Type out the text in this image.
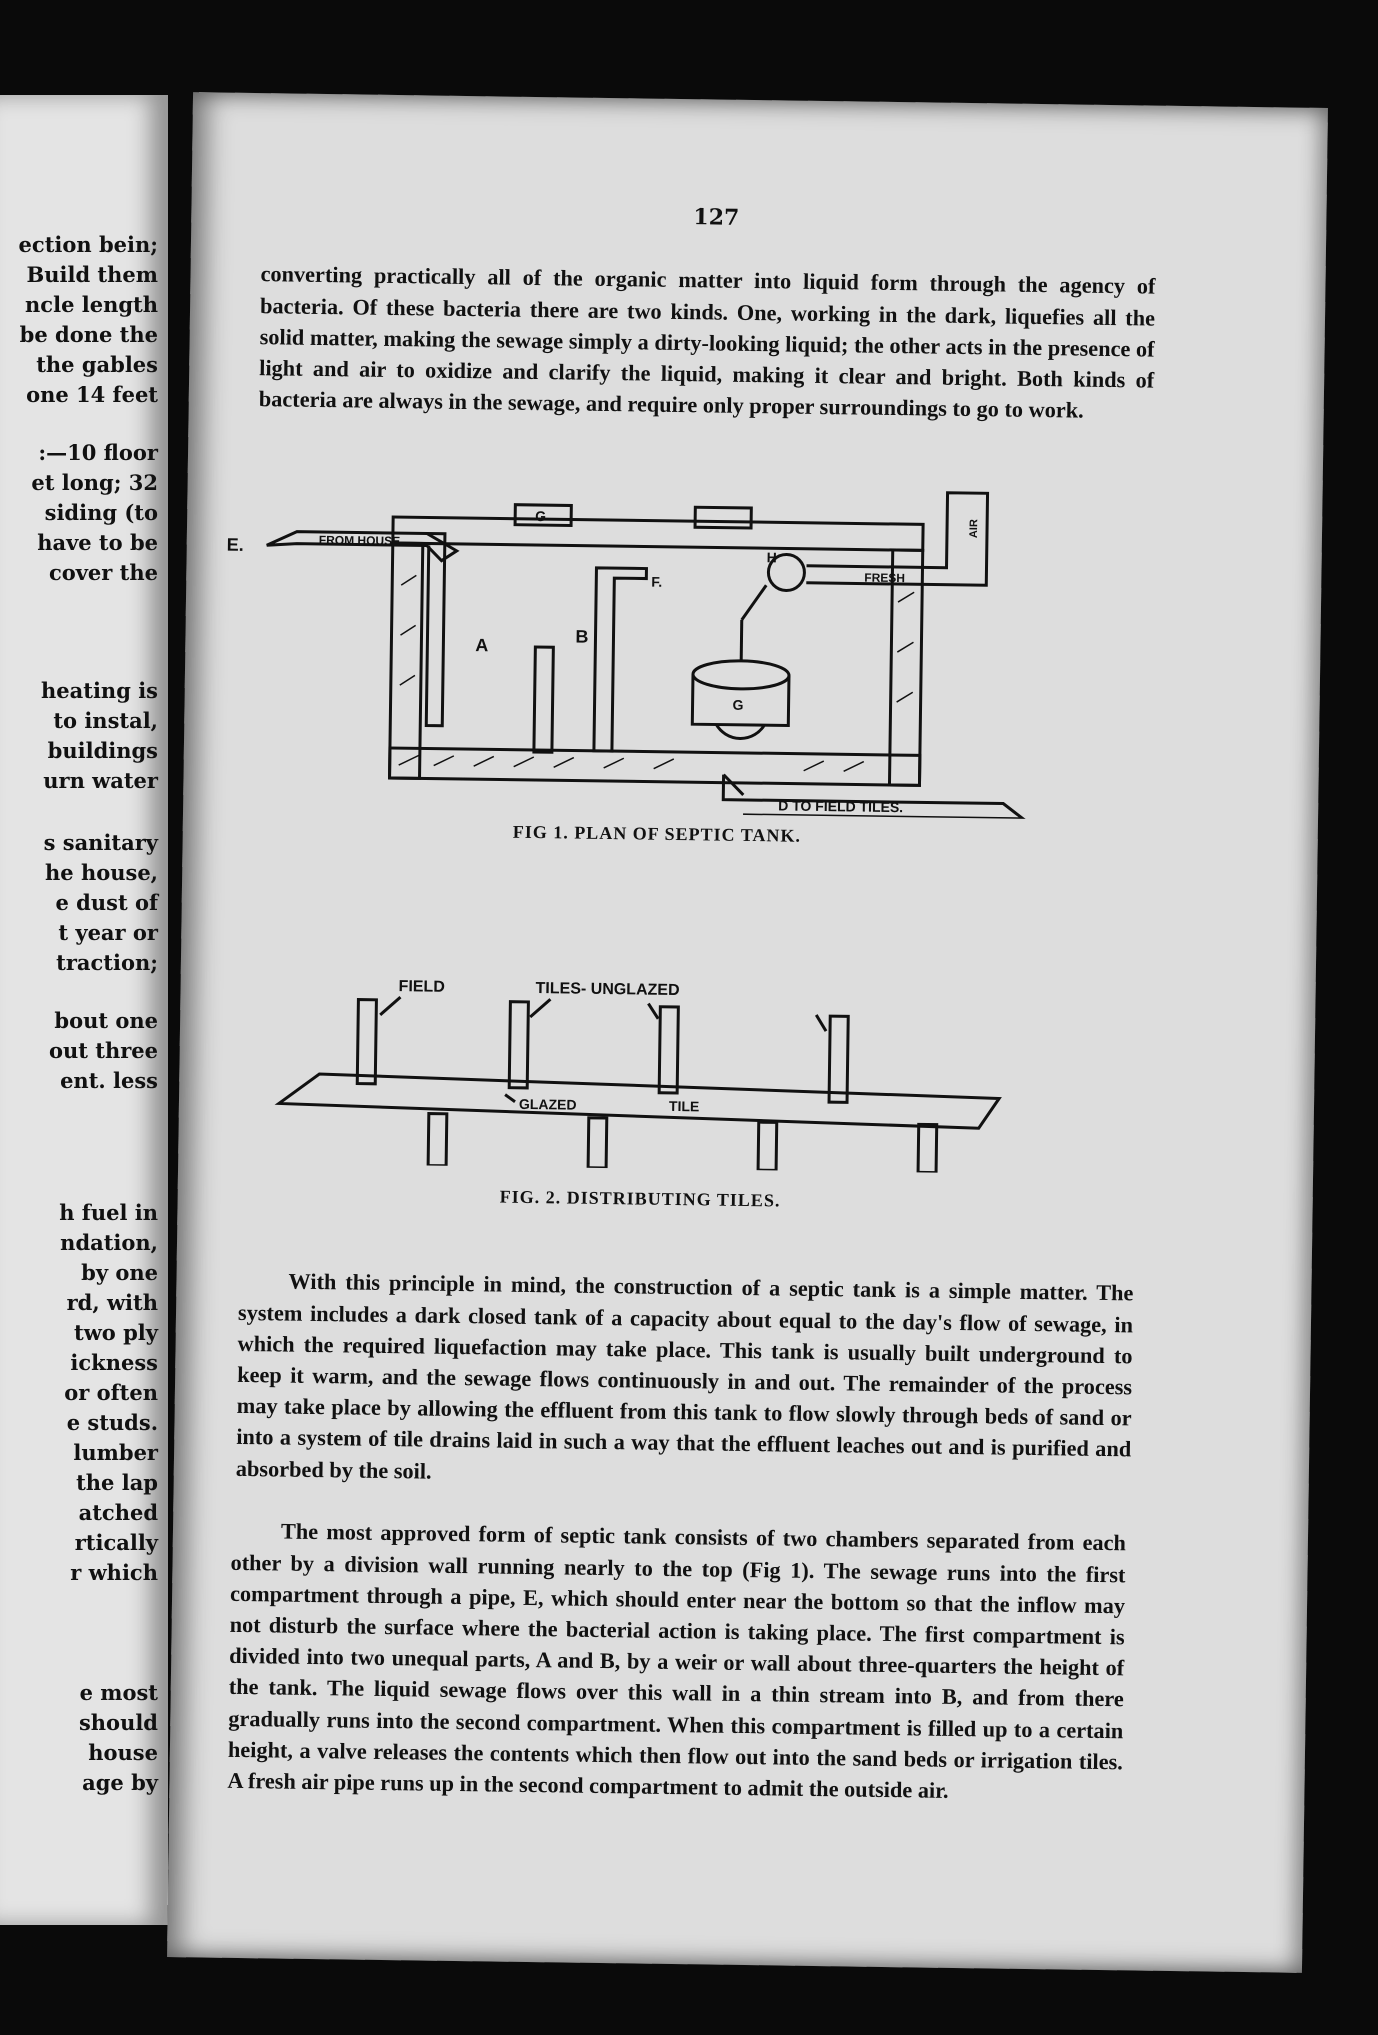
ection bein;
Build them
ncle length
be done the
the gables
one 14 feet
:—10 floor
et long; 32
siding (to
have to be
cover the
heating is
to instal,
buildings
urn water
s sanitary
he house,
e dust of
t year or
traction;
bout one
out three
ent. less
h fuel in
ndation,
by one
rd, with
two ply
ickness
or often
e studs.
lumber
the lap
atched
rtically
r which
e most
should
house
age by
127

converting practically all of the organic matter into liquid form through the agency of bacteria. Of these bacteria there are two kinds. One, working in the dark, liquefies all the solid matter, making the sewage simply a dirty-looking liquid; the other acts in the presence of light and air to oxidize and clarify the liquid, making it clear and bright. Both kinds of bacteria are always in the sewage, and require only proper surroundings to go to work.

E.	FROM HOUSE
A	B
F.
G
H
FRESH
AIR
G
D TO FIELD TILES.
FIG 1. PLAN OF SEPTIC TANK.
FIELD	TILES- UNGLAZED
GLAZED	TILE
FIG. 2. DISTRIBUTING TILES.

With this principle in mind, the construction of a septic tank is a simple matter. The system includes a dark closed tank of a capacity about equal to the day's flow of sewage, in which the required liquefaction may take place. This tank is usually built underground to keep it warm, and the sewage flows continuously in and out. The remainder of the process may take place by allowing the effluent from this tank to flow slowly through beds of sand or into a system of tile drains laid in such a way that the effluent leaches out and is purified and absorbed by the soil.

The most approved form of septic tank consists of two chambers separated from each other by a division wall running nearly to the top (Fig 1). The sewage runs into the first compartment through a pipe, E, which should enter near the bottom so that the inflow may not disturb the surface where the bacterial action is taking place. The first compartment is divided into two unequal parts, A and B, by a weir or wall about three-quarters the height of the tank. The liquid sewage flows over this wall in a thin stream into B, and from there gradually runs into the second compartment. When this compartment is filled up to a certain height, a valve releases the contents which then flow out into the sand beds or irrigation tiles. A fresh air pipe runs up in the second compartment to admit the outside air.
